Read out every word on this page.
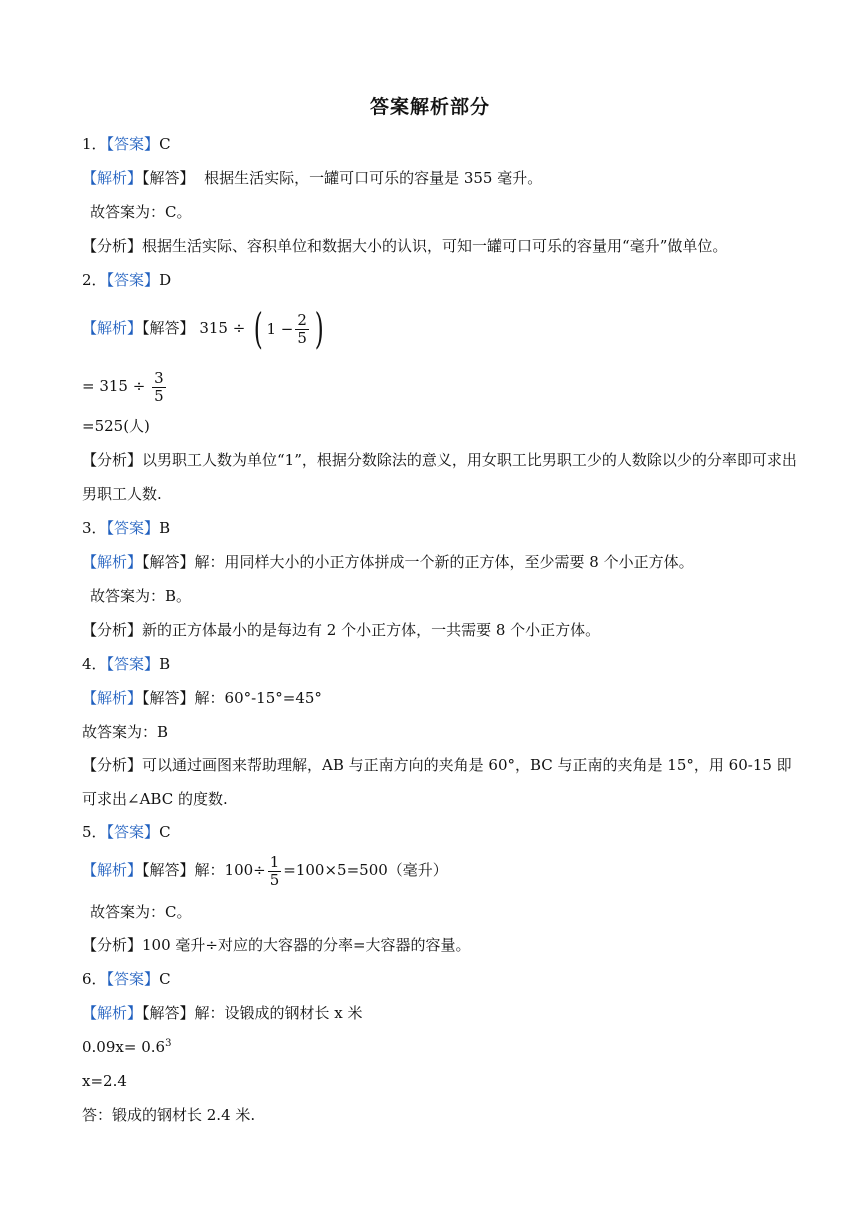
答案解析部分
1．【答案】C
【解析】【解答】  根据生活实际，一罐可口可乐的容量是 355 毫升。
故答案为：C。
【分析】根据生活实际、容积单位和数据大小的认识，可知一罐可口可乐的容量用“毫升”做单位。
2．【答案】D
【解析】【解答】 315 ÷ ( $1 - \frac{2}{5}$ )
= $315 \div \frac{3}{5}$
=525(人)
【分析】以男职工人数为单位“1”，根据分数除法的意义，用女职工比男职工少的人数除以少的分率即可求出男职工人数.
3．【答案】B
【解析】【解答】解：用同样大小的小正方体拼成一个新的正方体，至少需要 8 个小正方体。
故答案为：B。
【分析】新的正方体最小的是每边有 2 个小正方体，一共需要 8 个小正方体。
4．【答案】B
【解析】【解答】解：60°-15°=45°
故答案为：B
【分析】可以通过画图来帮助理解，AB 与正南方向的夹角是 60°，BC 与正南的夹角是 15°，用 60-15 即可求出∠ABC 的度数.
5．【答案】C
【解析】【解答】解：$100\div \frac{1}{5} =100\times 5=500$（毫升）
故答案为：C。
【分析】100 毫升÷对应的大容器的分率=大容器的容量。
6．【答案】C
【解析】【解答】解：设锻成的钢材长 x 米
$0.09x= 0.6^3$
x=2.4
答：锻成的钢材长 2.4 米.
